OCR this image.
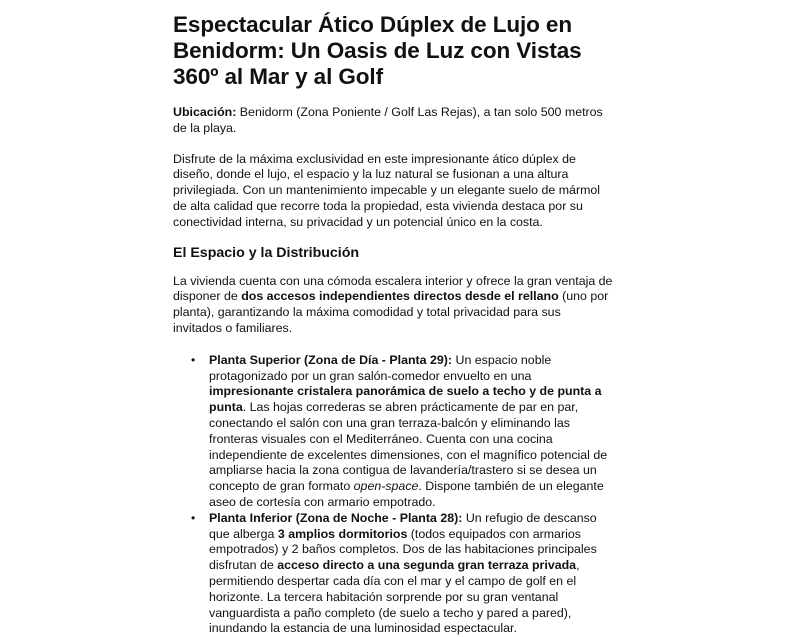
Espectacular Ático Dúplex de Lujo en Benidorm: Un Oasis de Luz con Vistas 360º al Mar y al Golf

Ubicación: Benidorm (Zona Poniente / Golf Las Rejas), a tan solo 500 metros de la playa.

Disfrute de la máxima exclusividad en este impresionante ático dúplex de diseño, donde el lujo, el espacio y la luz natural se fusionan a una altura privilegiada. Con un mantenimiento impecable y un elegante suelo de mármol de alta calidad que recorre toda la propiedad, esta vivienda destaca por su conectividad interna, su privacidad y un potencial único en la costa.

El Espacio y la Distribución

La vivienda cuenta con una cómoda escalera interior y ofrece la gran ventaja de disponer de dos accesos independientes directos desde el rellano (uno por planta), garantizando la máxima comodidad y total privacidad para sus invitados o familiares.

• Planta Superior (Zona de Día - Planta 29): Un espacio noble protagonizado por un gran salón-comedor envuelto en una impresionante cristalera panorámica de suelo a techo y de punta a punta. Las hojas correderas se abren prácticamente de par en par, conectando el salón con una gran terraza-balcón y eliminando las fronteras visuales con el Mediterráneo. Cuenta con una cocina independiente de excelentes dimensiones, con el magnífico potencial de ampliarse hacia la zona contigua de lavandería/trastero si se desea un concepto de gran formato open-space. Dispone también de un elegante aseo de cortesía con armario empotrado.
• Planta Inferior (Zona de Noche - Planta 28): Un refugio de descanso que alberga 3 amplios dormitorios (todos equipados con armarios empotrados) y 2 baños completos. Dos de las habitaciones principales disfrutan de acceso directo a una segunda gran terraza privada, permitiendo despertar cada día con el mar y el campo de golf en el horizonte. La tercera habitación sorprende por su gran ventanal vanguardista a paño completo (de suelo a techo y pared a pared), inundando la estancia de una luminosidad espectacular.
